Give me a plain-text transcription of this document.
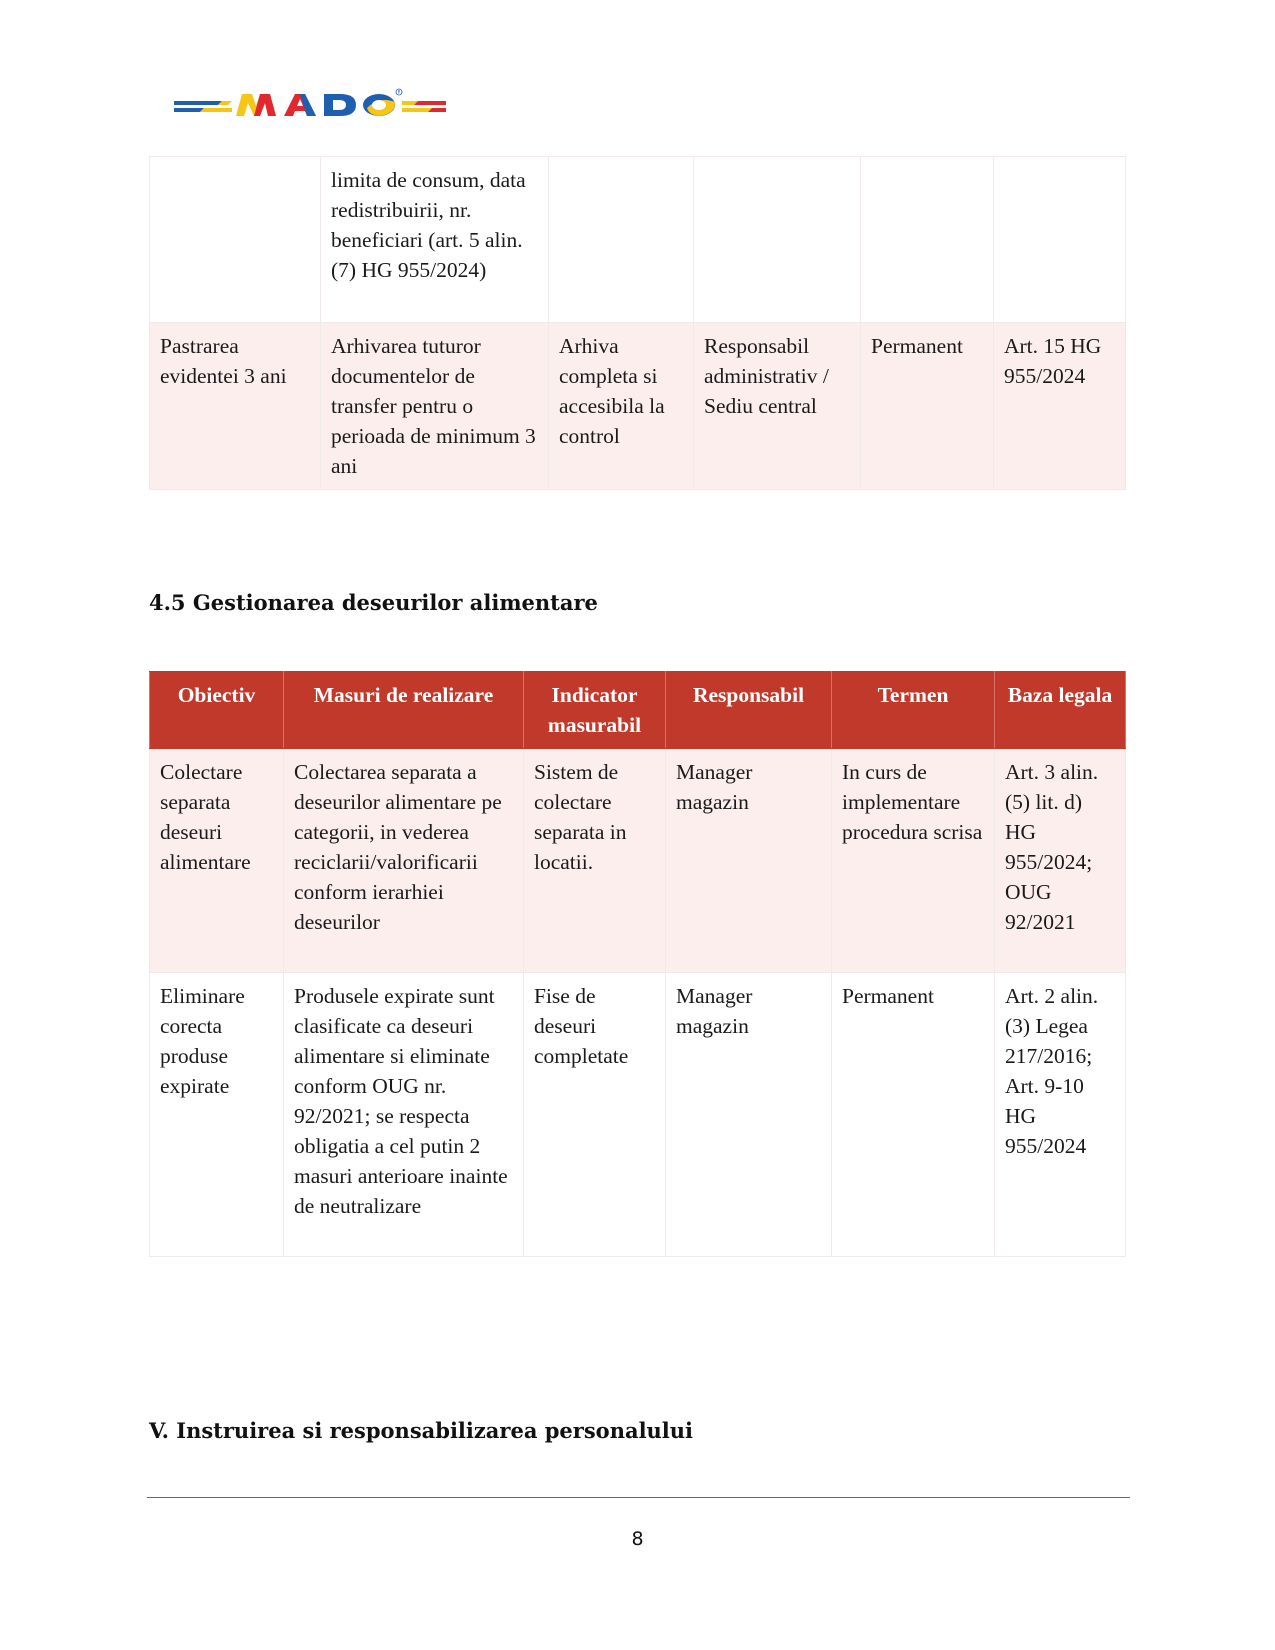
R
	limita de consum, data redistribuirii, nr. beneficiari (art. 5 alin. (7) HG 955/2024)				
Pastrarea evidentei 3 ani	Arhivarea tuturor documentelor de transfer pentru o perioada de minimum 3 ani	Arhiva completa si accesibila la control	Responsabil administrativ / Sediu central	Permanent	Art. 15 HG 955/2024
4.5 Gestionarea deseurilor alimentare
Obiectiv	Masuri de realizare	Indicator masurabil	Responsabil	Termen	Baza legala
Colectare separata deseuri alimentare	Colectarea separata a deseurilor alimentare pe categorii, in vederea reciclarii/valorificarii conform ierarhiei deseurilor	Sistem de colectare separata in locatii.	Manager magazin	In curs de implementare procedura scrisa	Art. 3 alin. (5) lit. d) HG 955/2024; OUG 92/2021
Eliminare corecta produse expirate	Produsele expirate sunt clasificate ca deseuri alimentare si eliminate conform OUG nr. 92/2021; se respecta obligatia a cel putin 2 masuri anterioare inainte de neutralizare	Fise de deseuri completate	Manager magazin	Permanent	Art. 2 alin. (3) Legea 217/2016; Art. 9-10 HG 955/2024
V. Instruirea si responsabilizarea personalului
8
